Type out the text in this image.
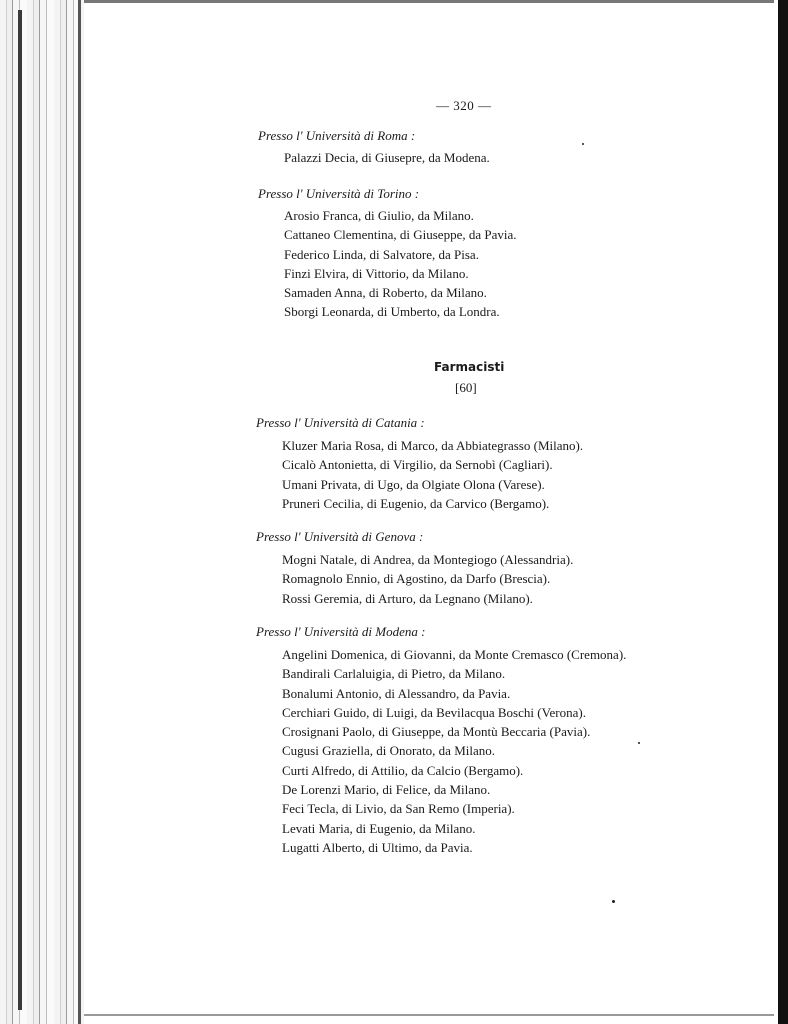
— 320 —
Presso l' Università di Roma :
Palazzi Decia, di Giusepre, da Modena.
Presso l' Università di Torino :
Arosio Franca, di Giulio, da Milano.
Cattaneo Clementina, di Giuseppe, da Pavia.
Federico Linda, di Salvatore, da Pisa.
Finzi Elvira, di Vittorio, da Milano.
Samaden Anna, di Roberto, da Milano.
Sborgi Leonarda, di Umberto, da Londra.
Farmacisti
[60]
Presso l' Università di Catania :
Kluzer Maria Rosa, di Marco, da Abbiategrasso (Milano).
Cicalò Antonietta, di Virgilio, da Sernobì (Cagliari).
Umani Privata, di Ugo, da Olgiate Olona (Varese).
Pruneri Cecilia, di Eugenio, da Carvico (Bergamo).
Presso l' Università di Genova :
Mogni Natale, di Andrea, da Montegiogo (Alessandria).
Romagnolo Ennio, di Agostino, da Darfo (Brescia).
Rossi Geremia, di Arturo, da Legnano (Milano).
Presso l' Università di Modena :
Angelini Domenica, di Giovanni, da Monte Cremasco (Cremona).
Bandirali Carlaluigia, di Pietro, da Milano.
Bonalumi Antonio, di Alessandro, da Pavia.
Cerchiari Guido, di Luigi, da Bevilacqua Boschi (Verona).
Crosignani Paolo, di Giuseppe, da Montù Beccaria (Pavia).
Cugusi Graziella, di Onorato, da Milano.
Curti Alfredo, di Attilio, da Calcio (Bergamo).
De Lorenzi Mario, di Felice, da Milano.
Feci Tecla, di Livio, da San Remo (Imperia).
Levati Maria, di Eugenio, da Milano.
Lugatti Alberto, di Ultimo, da Pavia.
